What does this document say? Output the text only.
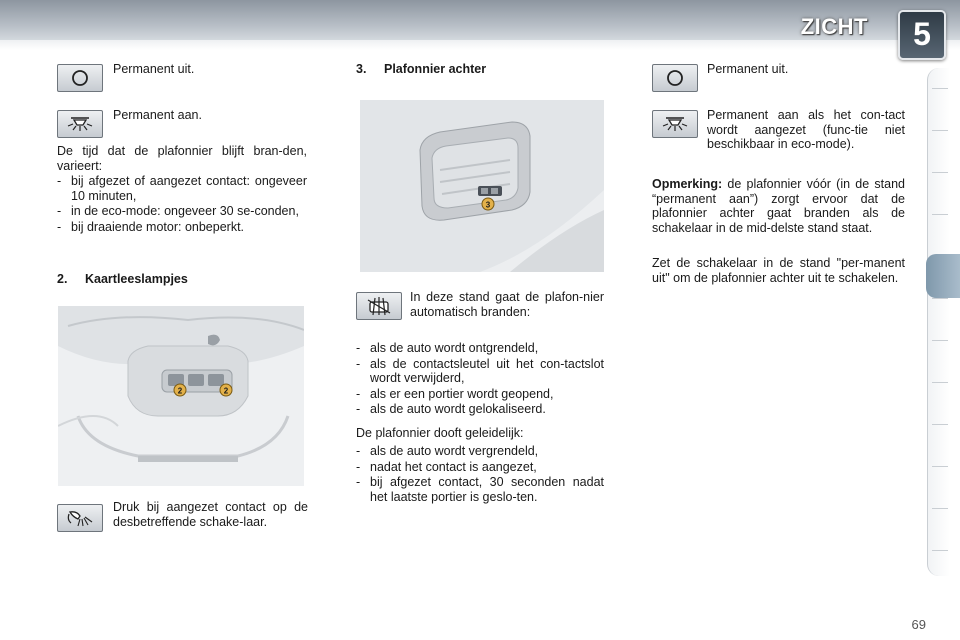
ZICHT	5
Permanent uit.
Permanent aan.
De tijd dat de plafonnier blijft bran-den, varieert:
- bij afgezet of aangezet contact: ongeveer 10 minuten,
- in de eco-mode: ongeveer 30 se-conden,
- bij draaiende motor: onbeperkt.
2. Kaartleeslampjes
2	2
Druk bij aangezet contact op de desbetreffende schake-laar.
3. Plafonnier achter
3
In deze stand gaat de plafon-nier automatisch branden:
- als de auto wordt ontgrendeld,
- als de contactsleutel uit het con-tactslot wordt verwijderd,
- als er een portier wordt geopend,
- als de auto wordt gelokaliseerd.
De plafonnier dooft geleidelijk:
- als de auto wordt vergrendeld,
- nadat het contact is aangezet,
- bij afgezet contact, 30 seconden nadat het laatste portier is geslo-ten.
Permanent uit.
Permanent aan als het con-tact wordt aangezet (func-tie niet beschikbaar in eco-mode).
Opmerking: de plafonnier vóór (in de stand “permanent aan”) zorgt ervoor dat de plafonnier achter gaat branden als de schakelaar in de mid-delste stand staat.
Zet de schakelaar in de stand "per-manent uit" om de plafonnier achter uit te schakelen.
69
